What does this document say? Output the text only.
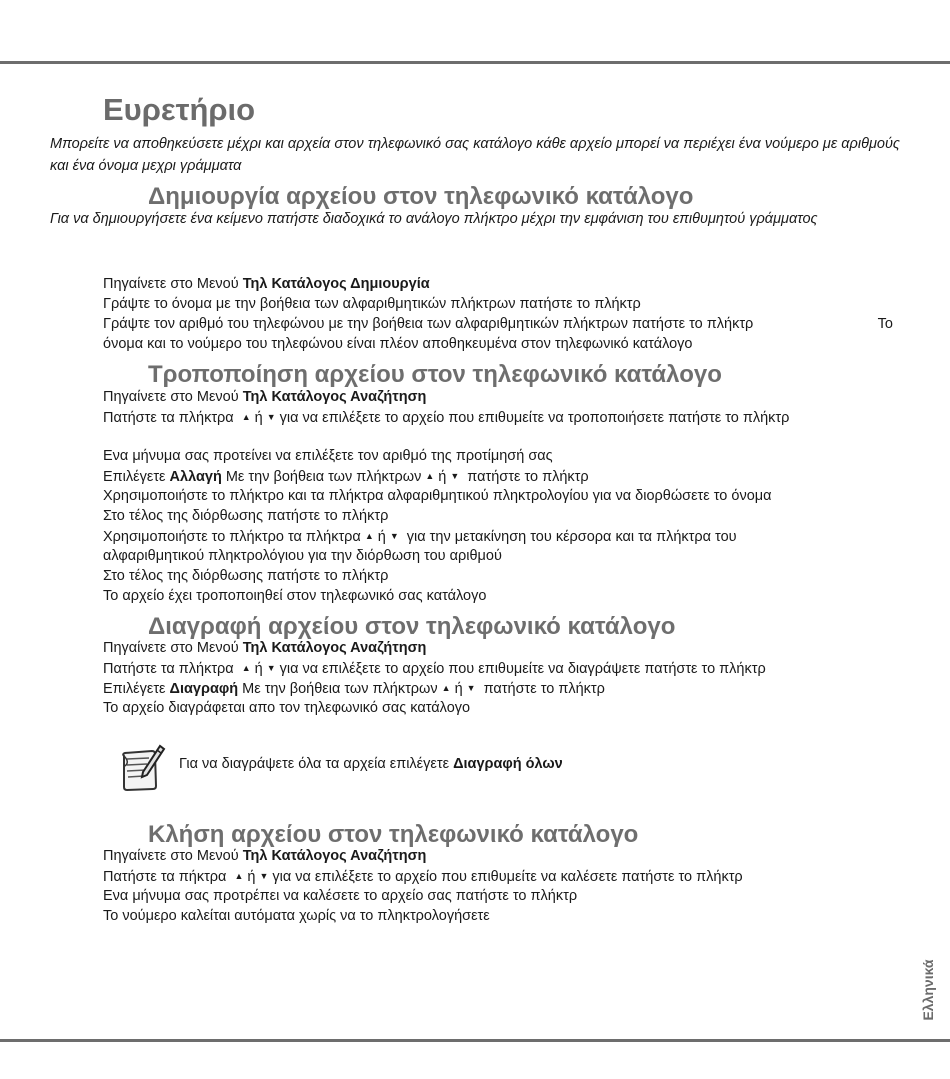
Ευρετήριο

Μπορείτε να αποθηκεύσετε μέχρι και αρχεία στον τηλεφωνικό σας κατάλογο κάθε αρχείο μπορεί να περιέχει ένα νούμερο με αριθμούς και ένα όνομα μεχρι γράμματα

Δημιουργία αρχείου στον τηλεφωνικό κατάλογο

Για να δημιουργήσετε ένα κείμενο πατήστε διαδοχικά το ανάλογο πλήκτρο μέχρι την εμφάνιση του επιθυμητού γράμματος

Πηγαίνετε στο Μενού Τηλ Κατάλογος Δημιουργία
Γράψτε το όνομα με την βοήθεια των αλφαριθμητικών πλήκτρων πατήστε το πλήκτρ
Το
Γράψτε τον αριθμό του τηλεφώνου με την βοήθεια των αλφαριθμητικών πλήκτρων πατήστε το πλήκτρ
όνομα και το νούμερο του τηλεφώνου είναι πλέον αποθηκευμένα στον τηλεφωνικό κατάλογο
Τροποποίηση αρχείου στον τηλεφωνικό κατάλογο
Πηγαίνετε στο Μενού Τηλ Κατάλογος Αναζήτηση
Πατήστε τα πλήκτρα ▲ ή ▼ για να επιλέξετε το αρχείο που επιθυμείτε να τροποποιήσετε πατήστε το πλήκτρ
Ενα μήνυμα σας προτείνει να επιλέξετε τον αριθμό της προτίμησή σας
Επιλέγετε Αλλαγή Με την βοήθεια των πλήκτρων ▲ ή ▼ πατήστε το πλήκτρ
Χρησιμοποιήστε το πλήκτρο και τα πλήκτρα αλφαριθμητικού πληκτρολογίου για να διορθώσετε το όνομα
Στο τέλος της διόρθωσης πατήστε το πλήκτρ
Χρησιμοποιήστε το πλήκτρο τα πλήκτρα ▲ ή ▼ για την μετακίνηση του κέρσορα και τα πλήκτρα του
αλφαριθμητικού πληκτρολόγιου για την διόρθωση του αριθμού
Στο τέλος της διόρθωσης πατήστε το πλήκτρ
Το αρχείο έχει τροποποιηθεί στον τηλεφωνικό σας κατάλογο
Διαγραφή αρχείου στον τηλεφωνικό κατάλογο
Πηγαίνετε στο Μενού Τηλ Κατάλογος Αναζήτηση
Πατήστε τα πλήκτρα ▲ ή ▼ για να επιλέξετε το αρχείο που επιθυμείτε να διαγράψετε πατήστε το πλήκτρ
Επιλέγετε Διαγραφή Με την βοήθεια των πλήκτρων ▲ ή ▼ πατήστε το πλήκτρ
Το αρχείο διαγράφεται απο τον τηλεφωνικό σας κατάλογο
Για να διαγράψετε όλα τα αρχεία επιλέγετε Διαγραφή όλων
Κλήση αρχείου στον τηλεφωνικό κατάλογο
Πηγαίνετε στο Μενού Τηλ Κατάλογος Αναζήτηση
Πατήστε τα πήκτρα ▲ ή ▼ για να επιλέξετε το αρχείο που επιθυμείτε να καλέσετε πατήστε το πλήκτρ
Ενα μήνυμα σας προτρέπει να καλέσετε το αρχείο σας πατήστε το πλήκτρ
Το νούμερο καλείται αυτόματα χωρίς να το πληκτρολογήσετε
Ελληνικά
